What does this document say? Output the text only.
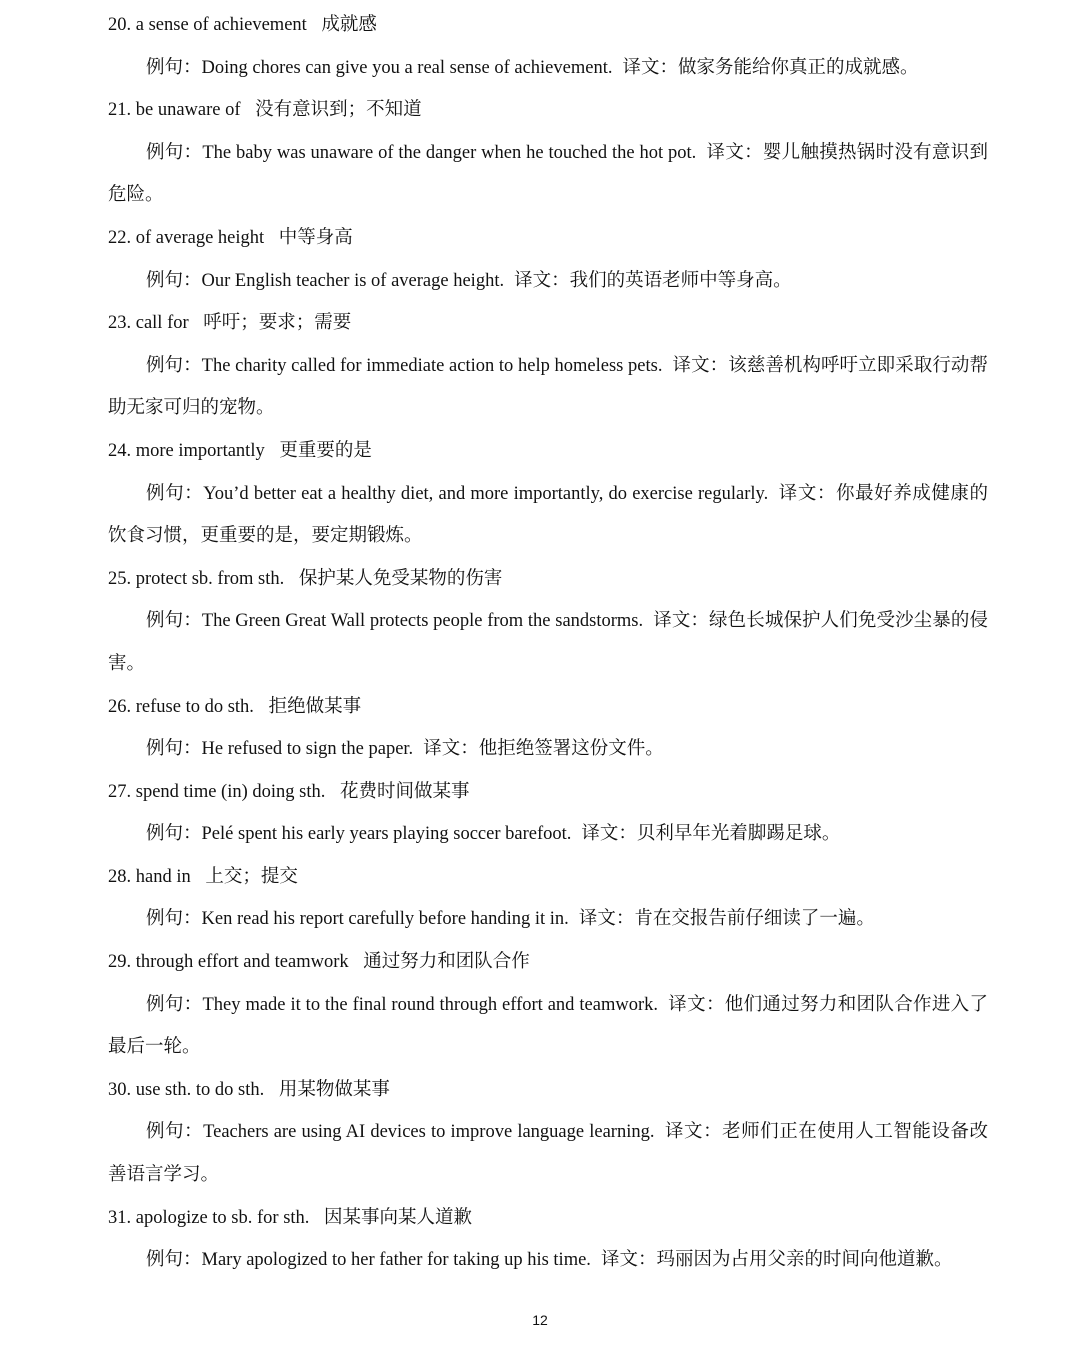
20. a sense of achievement 成就感

例句：Doing chores can give you a real sense of achievement. 译文：做家务能给你真正的成就感。

21. be unaware of 没有意识到；不知道

例句：The baby was unaware of the danger when he touched the hot pot. 译文：婴儿触摸热锅时没有意识到危险。

22. of average height 中等身高

例句：Our English teacher is of average height. 译文：我们的英语老师中等身高。

23. call for 呼吁；要求；需要

例句：The charity called for immediate action to help homeless pets. 译文：该慈善机构呼吁立即采取行动帮助无家可归的宠物。

24. more importantly 更重要的是

例句：You’d better eat a healthy diet, and more importantly, do exercise regularly. 译文：你最好养成健康的饮食习惯，更重要的是，要定期锻炼。

25. protect sb. from sth. 保护某人免受某物的伤害

例句：The Green Great Wall protects people from the sandstorms. 译文：绿色长城保护人们免受沙尘暴的侵害。

26. refuse to do sth. 拒绝做某事

例句：He refused to sign the paper. 译文：他拒绝签署这份文件。

27. spend time (in) doing sth. 花费时间做某事

例句：Pelé spent his early years playing soccer barefoot. 译文：贝利早年光着脚踢足球。

28. hand in 上交；提交

例句：Ken read his report carefully before handing it in. 译文：肯在交报告前仔细读了一遍。

29. through effort and teamwork 通过努力和团队合作

例句：They made it to the final round through effort and teamwork. 译文：他们通过努力和团队合作进入了最后一轮。

30. use sth. to do sth. 用某物做某事

例句：Teachers are using AI devices to improve language learning. 译文：老师们正在使用人工智能设备改善语言学习。

31. apologize to sb. for sth. 因某事向某人道歉

例句：Mary apologized to her father for taking up his time. 译文：玛丽因为占用父亲的时间向他道歉。

12
